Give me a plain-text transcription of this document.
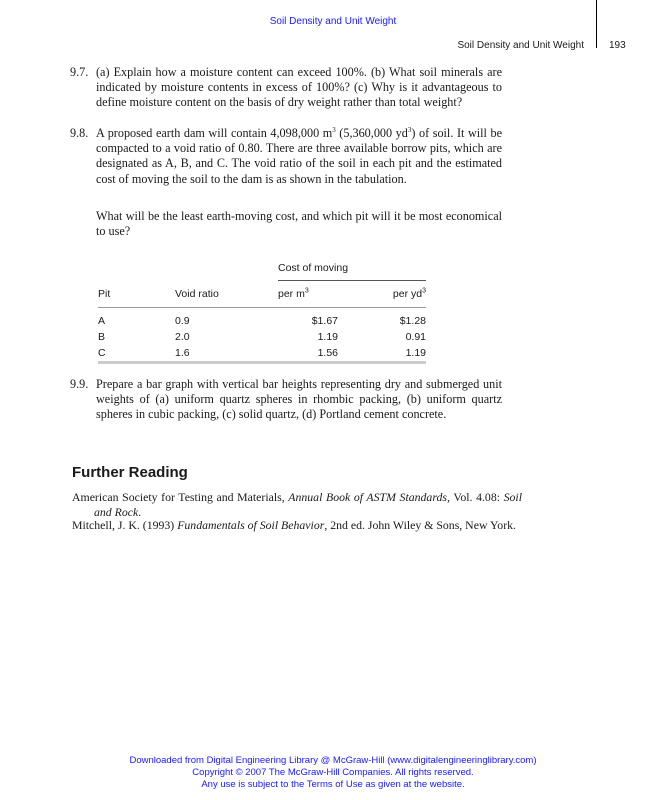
Soil Density and Unit Weight
Soil Density and Unit Weight	193
9.7. (a) Explain how a moisture content can exceed 100%. (b) What soil minerals are indicated by moisture contents in excess of 100%? (c) Why is it advantageous to define moisture content on the basis of dry weight rather than total weight?
9.8. A proposed earth dam will contain 4,098,000 $m^3$ (5,360,000 $yd^3$) of soil. It will be compacted to a void ratio of 0.80. There are three available borrow pits, which are designated as A, B, and C. The void ratio of the soil in each pit and the estimated cost of moving the soil to the dam is as shown in the tabulation.
What will be the least earth-moving cost, and which pit will it be most economical to use?
		Cost of moving	
Pit	Void ratio	per $m^3$	per $yd^3$

A	0.9	$1.67	$1.28
B	2.0	1.19	0.91
C	1.6	1.56	1.19
9.9. Prepare a bar graph with vertical bar heights representing dry and submerged unit weights of (a) uniform quartz spheres in rhombic packing, (b) uniform quartz spheres in cubic packing, (c) solid quartz, (d) Portland cement concrete.
Further Reading
American Society for Testing and Materials, Annual Book of ASTM Standards, Vol. 4.08: Soil and Rock.
Mitchell, J. K. (1993) Fundamentals of Soil Behavior, 2nd ed. John Wiley & Sons, New York.
Downloaded from Digital Engineering Library @ McGraw-Hill (www.digitalengineeringlibrary.com)
Copyright © 2007 The McGraw-Hill Companies. All rights reserved.
Any use is subject to the Terms of Use as given at the website.
